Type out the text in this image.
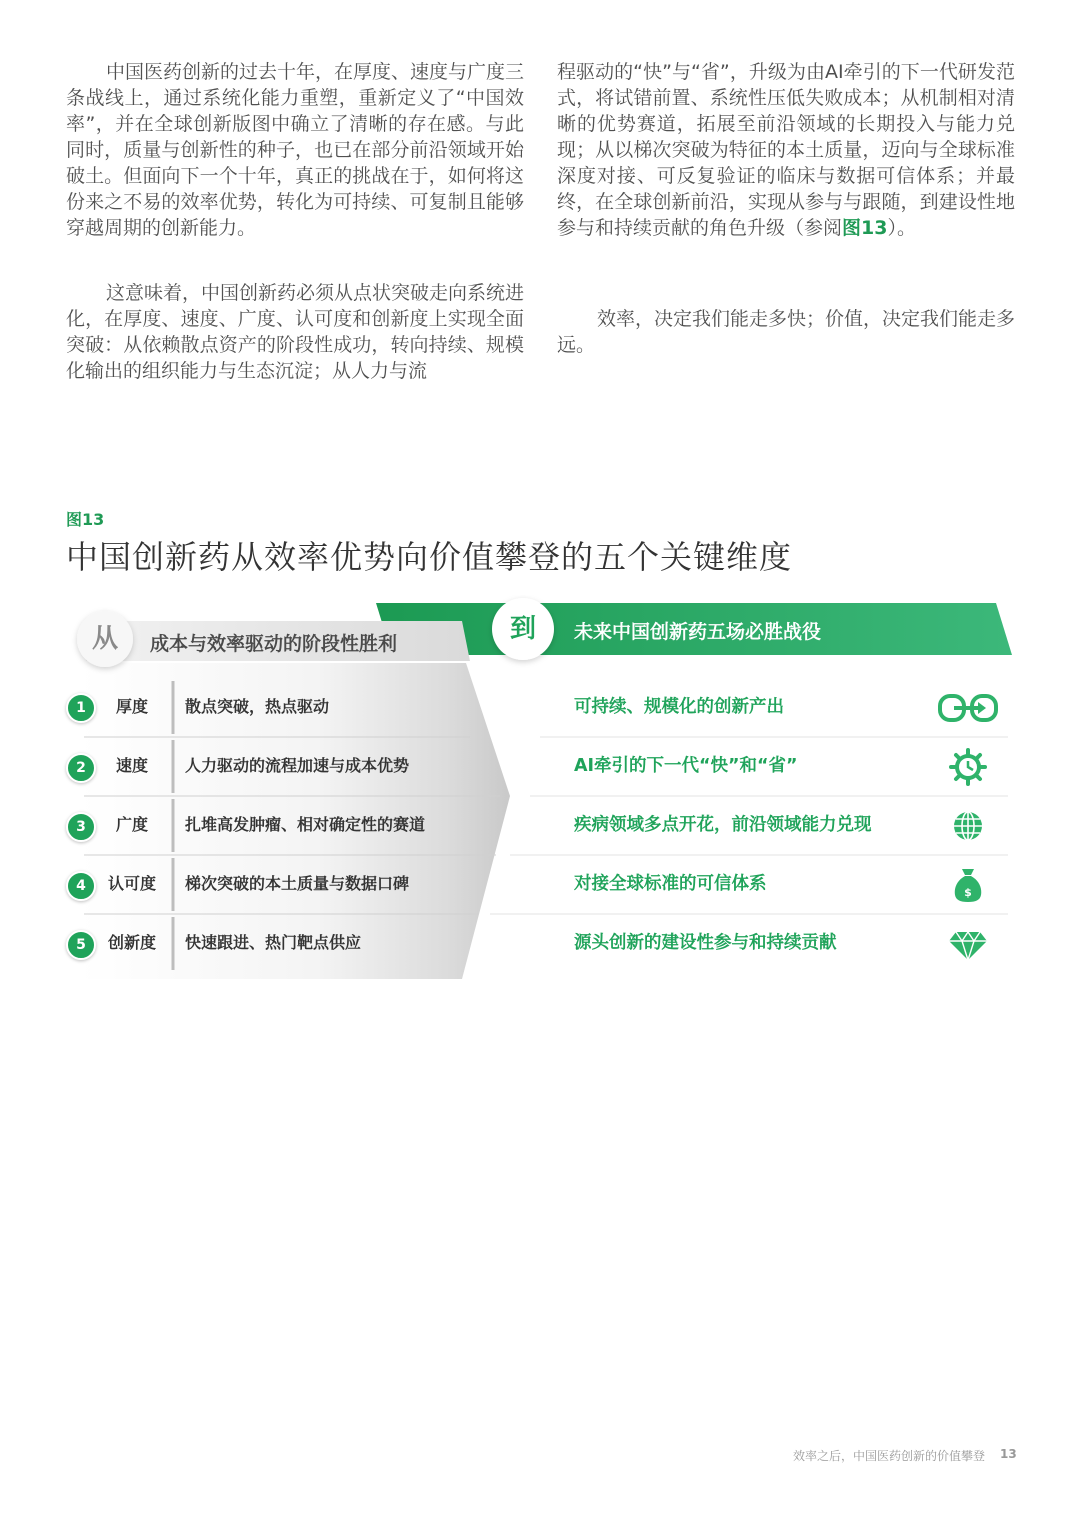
中国医药创新的过去十年，在厚度、速度与广度三条战线上，通过系统化能力重塑，重新定义了“中国效率”，并在全球创新版图中确立了清晰的存在感。与此同时，质量与创新性的种子，也已在部分前沿领域开始破土。但面向下一个十年，真正的挑战在于，如何将这份来之不易的效率优势，转化为可持续、可复制且能够穿越周期的创新能力。

这意味着，中国创新药必须从点状突破走向系统进化，在厚度、速度、广度、认可度和创新度上实现全面突破：从依赖散点资产的阶段性成功，转向持续、规模化输出的组织能力与生态沉淀；从人力与流

程驱动的“快”与“省”，升级为由AI牵引的下一代研发范式，将试错前置、系统性压低失败成本；从机制相对清晰的优势赛道，拓展至前沿领域的长期投入与能力兑现；从以梯次突破为特征的本土质量，迈向与全球标准深度对接、可反复验证的临床与数据可信体系；并最终，在全球创新前沿，实现从参与与跟随，到建设性地参与和持续贡献的角色升级（参阅图13）。

效率，决定我们能走多快；价值，决定我们能走多远。

图13
中国创新药从效率优势向价值攀登的五个关键维度
从	成本与效率驱动的阶段性胜利	到	未来中国创新药五场必胜战役
1	厚度	散点突破，热点驱动	可持续、规模化的创新产出
2	速度	人力驱动的流程加速与成本优势	AI牵引的下一代“快”和“省”
3	广度	扎堆高发肿瘤、相对确定性的赛道	疾病领域多点开花，前沿领域能力兑现
4	认可度	梯次突破的本土质量与数据口碑	对接全球标准的可信体系	$
5	创新度	快速跟进、热门靶点供应	源头创新的建设性参与和持续贡献
效率之后，中国医药创新的价值攀登 13
